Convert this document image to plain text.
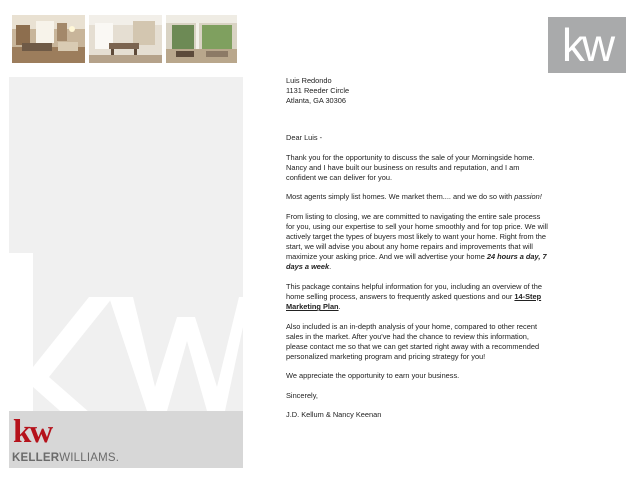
kw
kw
KELLERWILLIAMS.

Luis Redondo

1131 Reeder Circle

Atlanta, GA 30306

Dear Luis -

Thank you for the opportunity to discuss the sale of your Morningside home. Nancy and I have built our business on results and reputation, and I am confident we can deliver for you.

Most agents simply list homes. We market them.... and we do so with passion!

From listing to closing, we are committed to navigating the entire sale process for you, using our expertise to sell your home smoothly and for top price. We will actively target the types of buyers most likely to want your home. Right from the start, we will advise you about any home repairs and improvements that will maximize your asking price. And we will advertise your home 24 hours a day, 7 days a week.

This package contains helpful information for you, including an overview of the home selling process, answers to frequently asked questions and our 14-Step Marketing Plan.

Also included is an in-depth analysis of your home, compared to other recent sales in the market. After you've had the chance to review this information, please contact me so that we can get started right away with a recommended personalized marketing program and pricing strategy for you!

We appreciate the opportunity to earn your business.

Sincerely,

J.D. Kellum & Nancy Keenan
